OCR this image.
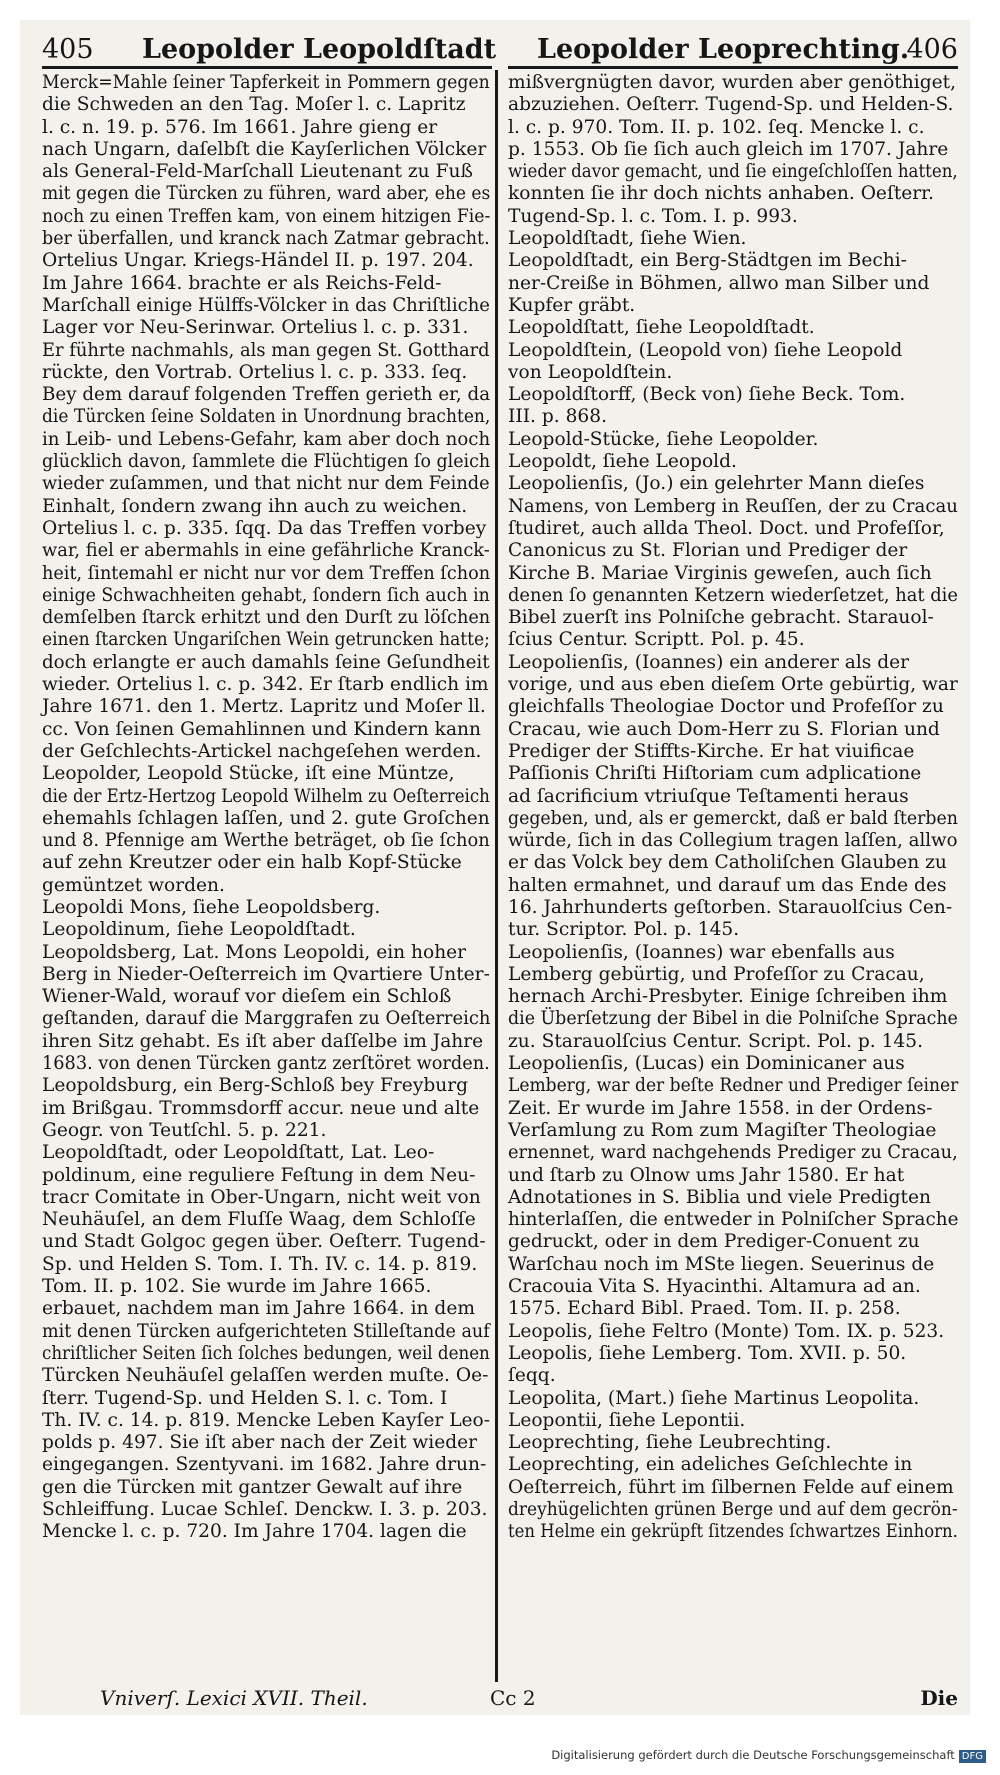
405 Leopolder Leopoldſtadt Leopolder Leoprechting.
406
Merck=Mahle ſeiner Tapferkeit in Pommern gegen
die Schweden an den Tag. Moſer l. c. Lapritz
l. c. n. 19. p. 576. Im 1661. Jahre gieng er
nach Ungarn, daſelbſt die Kayſerlichen Völcker
als General-Feld-Marſchall Lieutenant zu Fuß
mit gegen die Türcken zu führen, ward aber, ehe es
noch zu einen Treffen kam, von einem hitzigen Fie-
ber überfallen, und kranck nach Zatmar gebracht.
Ortelius Ungar. Kriegs-Händel II. p. 197. 204.
Im Jahre 1664. brachte er als Reichs-Feld-
Marſchall einige Hülffs-Völcker in das Chriſtliche
Lager vor Neu-Serinwar. Ortelius l. c. p. 331.
Er führte nachmahls, als man gegen St. Gotthard
rückte, den Vortrab. Ortelius l. c. p. 333. ſeq.
Bey dem darauf folgenden Treffen gerieth er, da
die Türcken ſeine Soldaten in Unordnung brachten,
in Leib- und Lebens-Gefahr, kam aber doch noch
glücklich davon, ſammlete die Flüchtigen ſo gleich
wieder zuſammen, und that nicht nur dem Feinde
Einhalt, ſondern zwang ihn auch zu weichen.
Ortelius l. c. p. 335. ſqq. Da das Treffen vorbey
war, fiel er abermahls in eine gefährliche Kranck-
heit, ſintemahl er nicht nur vor dem Treffen ſchon
einige Schwachheiten gehabt, ſondern ſich auch in
demſelben ſtarck erhitzt und den Durſt zu löſchen
einen ſtarcken Ungariſchen Wein getruncken hatte;
doch erlangte er auch damahls ſeine Geſundheit
wieder. Ortelius l. c. p. 342. Er ſtarb endlich im
Jahre 1671. den 1. Mertz. Lapritz und Moſer ll.
cc. Von ſeinen Gemahlinnen und Kindern kann
der Geſchlechts-Artickel nachgeſehen werden.
Leopolder, Leopold Stücke, iſt eine Müntze,
die der Ertz-Hertzog Leopold Wilhelm zu Oeſterreich
ehemahls ſchlagen laſſen, und 2. gute Groſchen
und 8. Pfennige am Werthe beträget, ob ſie ſchon
auf zehn Kreutzer oder ein halb Kopf-Stücke
gemüntzet worden.
Leopoldi Mons, ſiehe Leopoldsberg.
Leopoldinum, ſiehe Leopoldſtadt.
Leopoldsberg, Lat. Mons Leopoldi, ein hoher
Berg in Nieder-Oeſterreich im Qvartiere Unter-
Wiener-Wald, worauf vor dieſem ein Schloß
geſtanden, darauf die Marggrafen zu Oeſterreich
ihren Sitz gehabt. Es iſt aber daſſelbe im Jahre
1683. von denen Türcken gantz zerſtöret worden.
Leopoldsburg, ein Berg-Schloß bey Freyburg
im Brißgau. Trommsdorff accur. neue und alte
Geogr. von Teutſchl. 5. p. 221.
Leopoldſtadt, oder Leopoldſtatt, Lat. Leo-
poldinum, eine reguliere Feſtung in dem Neu-
tracr Comitate in Ober-Ungarn, nicht weit von
Neuhäuſel, an dem Fluſſe Waag, dem Schloſſe
und Stadt Golgoc gegen über. Oeſterr. Tugend-
Sp. und Helden S. Tom. I. Th. IV. c. 14. p. 819.
Tom. II. p. 102. Sie wurde im Jahre 1665.
erbauet, nachdem man im Jahre 1664. in dem
mit denen Türcken aufgerichteten Stilleſtande auf
chriſtlicher Seiten ſich ſolches bedungen, weil denen
Türcken Neuhäuſel gelaſſen werden muſte. Oe-
ſterr. Tugend-Sp. und Helden S. l. c. Tom. I
Th. IV. c. 14. p. 819. Mencke Leben Kayſer Leo-
polds p. 497. Sie iſt aber nach der Zeit wieder
eingegangen. Szentyvani. im 1682. Jahre drun-
gen die Türcken mit gantzer Gewalt auf ihre
Schleiffung. Lucae Schleſ. Denckw. I. 3. p. 203.
Mencke l. c. p. 720. Im Jahre 1704. lagen die
mißvergnügten davor, wurden aber genöthiget,
abzuziehen. Oeſterr. Tugend-Sp. und Helden-S.
l. c. p. 970. Tom. II. p. 102. ſeq. Mencke l. c.
p. 1553. Ob ſie ſich auch gleich im 1707. Jahre
wieder davor gemacht, und ſie eingeſchloſſen hatten,
konnten ſie ihr doch nichts anhaben. Oeſterr.
Tugend-Sp. l. c. Tom. I. p. 993.
Leopoldſtadt, ſiehe Wien.
Leopoldſtadt, ein Berg-Städtgen im Bechi-
ner-Creiße in Böhmen, allwo man Silber und
Kupfer gräbt.
Leopoldſtatt, ſiehe Leopoldſtadt.
Leopoldſtein, (Leopold von) ſiehe Leopold
von Leopoldſtein.
Leopoldſtorff, (Beck von) ſiehe Beck. Tom.
III. p. 868.
Leopold-Stücke, ſiehe Leopolder.
Leopoldt, ſiehe Leopold.
Leopolienſis, (Jo.) ein gelehrter Mann dieſes
Namens, von Lemberg in Reuſſen, der zu Cracau
ſtudiret, auch allda Theol. Doct. und Profeſſor,
Canonicus zu St. Florian und Prediger der
Kirche B. Mariae Virginis geweſen, auch ſich
denen ſo genannten Ketzern wiederſetzet, hat die
Bibel zuerſt ins Polniſche gebracht. Starauol-
ſcius Centur. Scriptt. Pol. p. 45.
Leopolienſis, (Ioannes) ein anderer als der
vorige, und aus eben dieſem Orte gebürtig, war
gleichfalls Theologiae Doctor und Profeſſor zu
Cracau, wie auch Dom-Herr zu S. Florian und
Prediger der Stiffts-Kirche. Er hat viuificae
Paſſionis Chriſti Hiſtoriam cum adplicatione
ad ſacrificium vtriuſque Teſtamenti heraus
gegeben, und, als er gemerckt, daß er bald ſterben
würde, ſich in das Collegium tragen laſſen, allwo
er das Volck bey dem Catholiſchen Glauben zu
halten ermahnet, und darauf um das Ende des
16. Jahrhunderts geſtorben. Starauolſcius Cen-
tur. Scriptor. Pol. p. 145.
Leopolienſis, (Ioannes) war ebenfalls aus
Lemberg gebürtig, und Profeſſor zu Cracau,
hernach Archi-Presbyter. Einige ſchreiben ihm
die Überſetzung der Bibel in die Polniſche Sprache
zu. Starauolſcius Centur. Script. Pol. p. 145.
Leopolienſis, (Lucas) ein Dominicaner aus
Lemberg, war der beſte Redner und Prediger ſeiner
Zeit. Er wurde im Jahre 1558. in der Ordens-
Verſamlung zu Rom zum Magiſter Theologiae
ernennet, ward nachgehends Prediger zu Cracau,
und ſtarb zu Olnow ums Jahr 1580. Er hat
Adnotationes in S. Biblia und viele Predigten
hinterlaſſen, die entweder in Polniſcher Sprache
gedruckt, oder in dem Prediger-Conuent zu
Warſchau noch im MSte liegen. Seuerinus de
Cracouia Vita S. Hyacinthi. Altamura ad an.
1575. Echard Bibl. Praed. Tom. II. p. 258.
Leopolis, ſiehe Feltro (Monte) Tom. IX. p. 523.
Leopolis, ſiehe Lemberg. Tom. XVII. p. 50.
ſeqq.
Leopolita, (Mart.) ſiehe Martinus Leopolita.
Leopontii, ſiehe Lepontii.
Leoprechting, ſiehe Leubrechting.
Leoprechting, ein adeliches Geſchlechte in
Oeſterreich, führt im ſilbernen Felde auf einem
dreyhügelichten grünen Berge und auf dem gecrön-
ten Helme ein gekrüpft ſitzendes ſchwartzes Einhorn.
Vniverſ. Lexici XVII. Theil.	Cc 2	Die
Digitalisierung gefördert durch die Deutsche Forschungsgemeinschaft DFG
